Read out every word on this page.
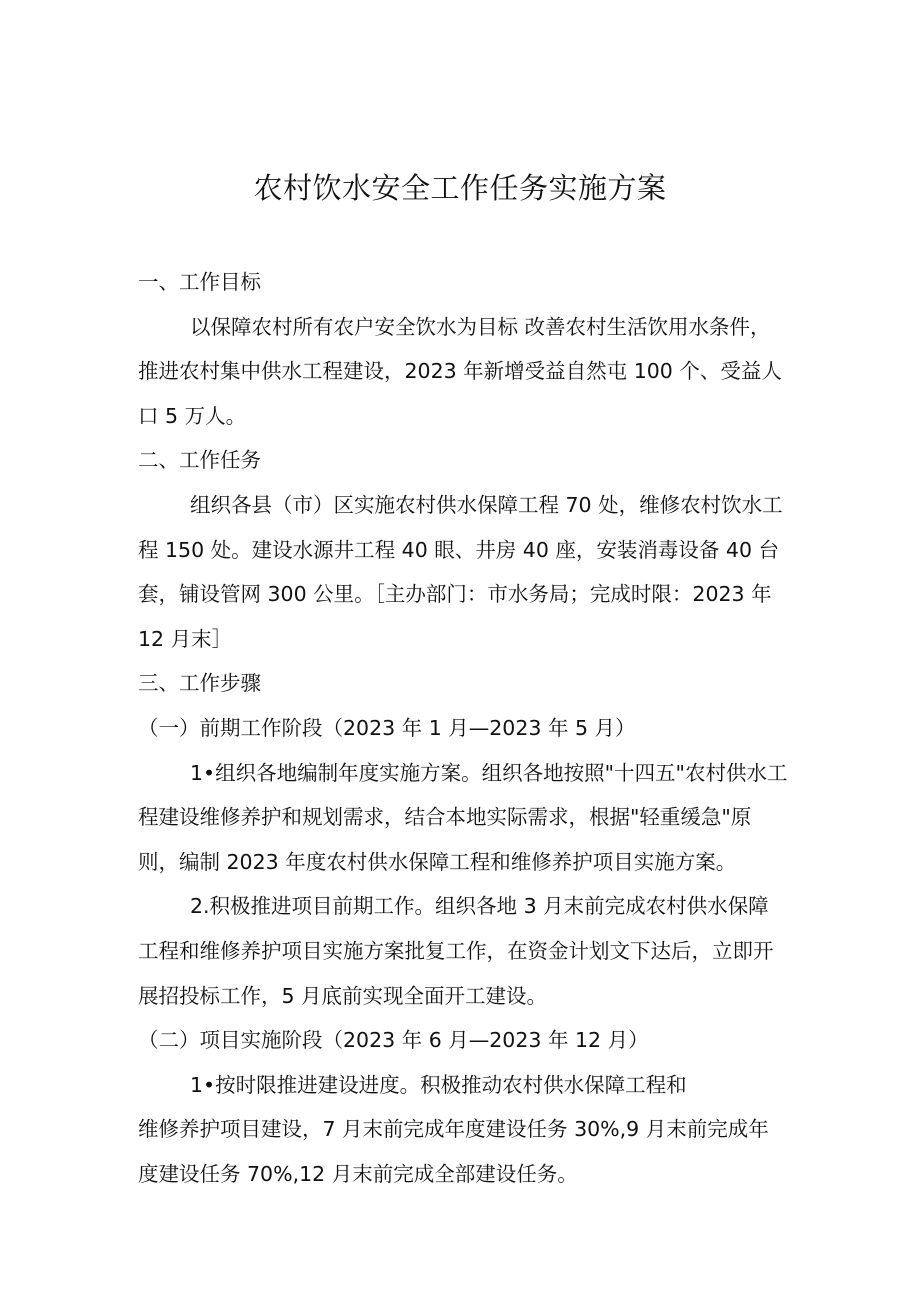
农村饮水安全工作任务实施方案

一、工作目标

以保障农村所有农户安全饮水为目标 改善农村生活饮用水条件，推进农村集中供水工程建设，2023 年新增受益自然屯 100 个、受益人口 5 万人。

二、工作任务

组织各县（市）区实施农村供水保障工程 70 处，维修农村饮水工程 150 处。建设水源井工程 40 眼、井房 40 座，安装消毒设备 40 台套，铺设管网 300 公里。［主办部门：市水务局；完成时限：2023 年 12 月末］

三、工作步骤

（一）前期工作阶段（2023 年 1 月—2023 年 5 月）

1•组织各地编制年度实施方案。组织各地按照"十四五"农村供水工程建设维修养护和规划需求，结合本地实际需求，根据"轻重缓急"原则，编制 2023 年度农村供水保障工程和维修养护项目实施方案。

2.积极推进项目前期工作。组织各地 3 月末前完成农村供水保障工程和维修养护项目实施方案批复工作，在资金计划文下达后，立即开展招投标工作，5 月底前实现全面开工建设。

（二）项目实施阶段（2023 年 6 月—2023 年 12 月）

1•按时限推进建设进度。积极推动农村供水保障工程和
维修养护项目建设，7 月末前完成年度建设任务 30%,9 月末前完成年度建设任务 70%,12 月末前完成全部建设任务。
